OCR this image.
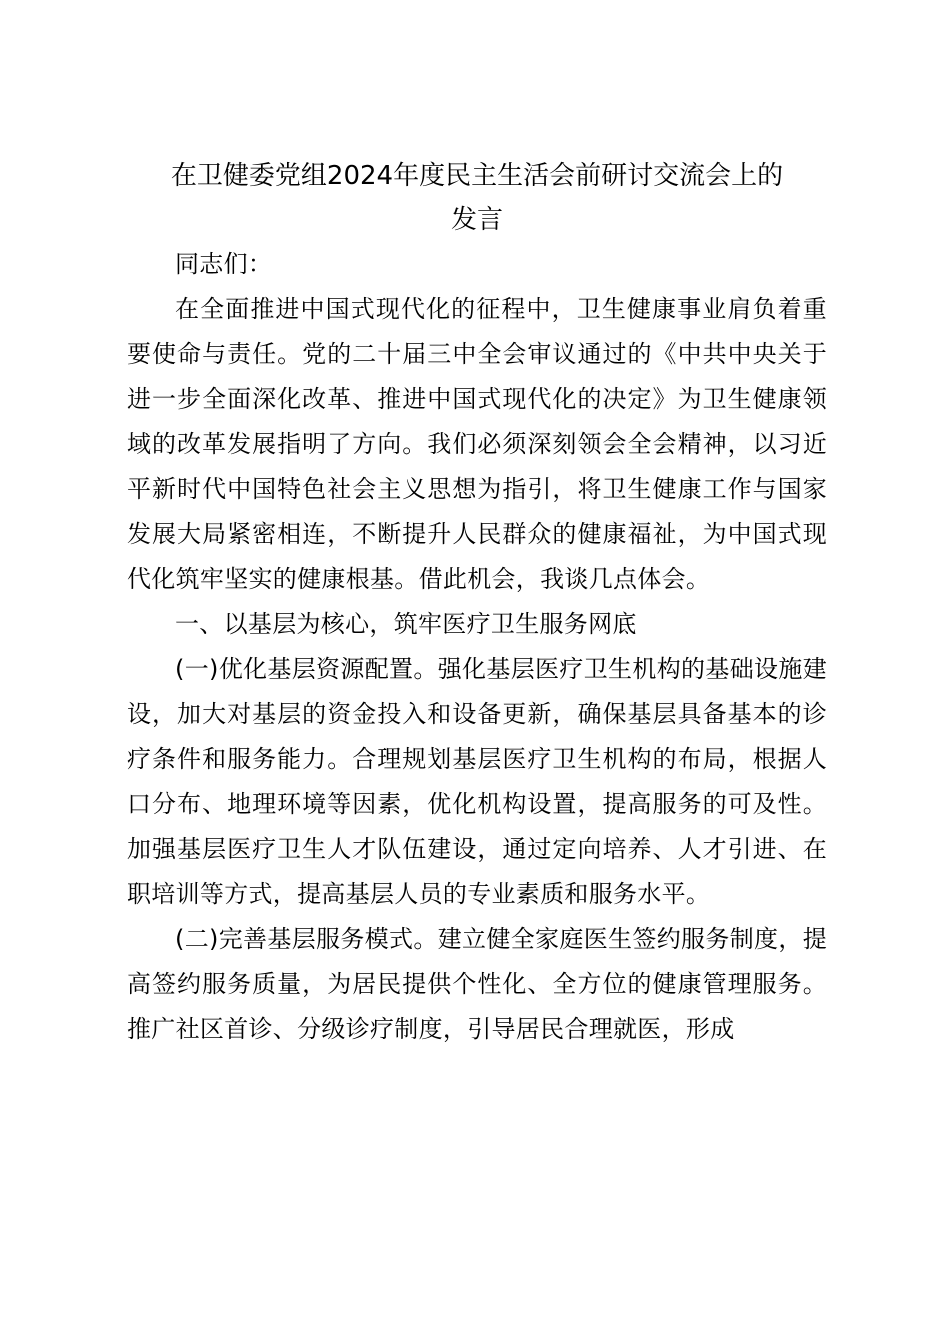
在卫健委党组2024年度民主生活会前研讨交流会上的
发言

同志们：

在全面推进中国式现代化的征程中，卫生健康事业肩负着重要使命与责任。党的二十届三中全会审议通过的《中共中央关于进一步全面深化改革、推进中国式现代化的决定》为卫生健康领域的改革发展指明了方向。我们必须深刻领会全会精神，以习近平新时代中国特色社会主义思想为指引，将卫生健康工作与国家发展大局紧密相连，不断提升人民群众的健康福祉，为中国式现代化筑牢坚实的健康根基。借此机会，我谈几点体会。

一、以基层为核心，筑牢医疗卫生服务网底

(一)优化基层资源配置。强化基层医疗卫生机构的基础设施建设，加大对基层的资金投入和设备更新，确保基层具备基本的诊疗条件和服务能力。合理规划基层医疗卫生机构的布局，根据人口分布、地理环境等因素，优化机构设置，提高服务的可及性。加强基层医疗卫生人才队伍建设，通过定向培养、人才引进、在职培训等方式，提高基层人员的专业素质和服务水平。

(二)完善基层服务模式。建立健全家庭医生签约服务制度，提高签约服务质量，为居民提供个性化、全方位的健康管理服务。推广社区首诊、分级诊疗制度，引导居民合理就医，形成
